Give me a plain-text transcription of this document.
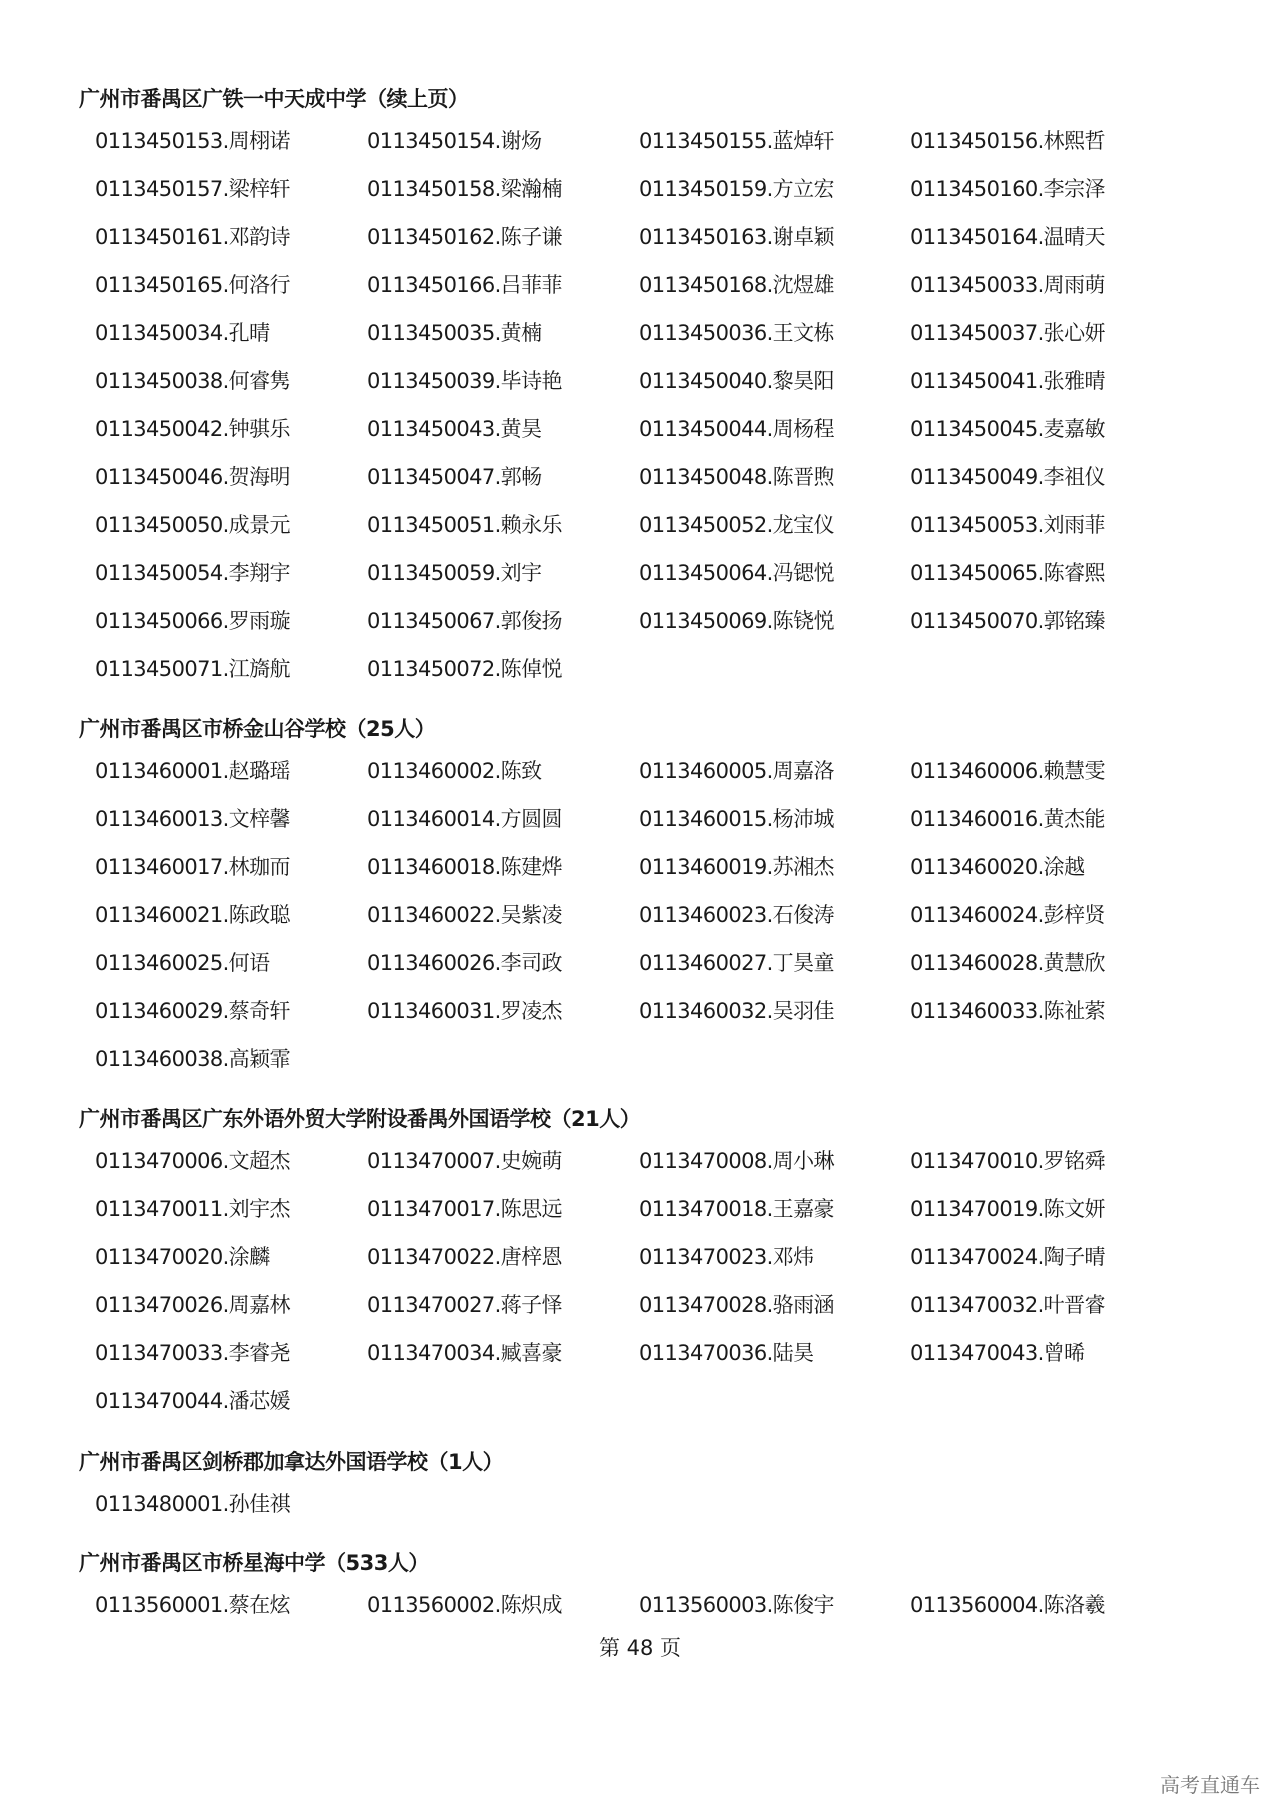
广州市番禺区广铁一中天成中学（续上页）
0113450153.周栩诺	0113450154.谢炀	0113450155.蓝焯轩	0113450156.林熙哲
0113450157.梁梓轩	0113450158.梁瀚楠	0113450159.方立宏	0113450160.李宗泽
0113450161.邓韵诗	0113450162.陈子谦	0113450163.谢卓颖	0113450164.温晴天
0113450165.何洛行	0113450166.吕菲菲	0113450168.沈煜雄	0113450033.周雨萌
0113450034.孔晴	0113450035.黄楠	0113450036.王文栋	0113450037.张心妍
0113450038.何睿隽	0113450039.毕诗艳	0113450040.黎昊阳	0113450041.张雅晴
0113450042.钟骐乐	0113450043.黄昊	0113450044.周杨程	0113450045.麦嘉敏
0113450046.贺海明	0113450047.郭畅	0113450048.陈晋煦	0113450049.李祖仪
0113450050.成景元	0113450051.赖永乐	0113450052.龙宝仪	0113450053.刘雨菲
0113450054.李翔宇	0113450059.刘宇	0113450064.冯锶悦	0113450065.陈睿熙
0113450066.罗雨璇	0113450067.郭俊扬	0113450069.陈铙悦	0113450070.郭铭臻
0113450071.江旖航	0113450072.陈倬悦
广州市番禺区市桥金山谷学校（25人）
0113460001.赵璐瑶	0113460002.陈致	0113460005.周嘉洛	0113460006.赖慧雯
0113460013.文梓馨	0113460014.方圆圆	0113460015.杨沛城	0113460016.黄杰能
0113460017.林珈而	0113460018.陈建烨	0113460019.苏湘杰	0113460020.涂越
0113460021.陈政聪	0113460022.吴紫凌	0113460023.石俊涛	0113460024.彭梓贤
0113460025.何语	0113460026.李司政	0113460027.丁昊童	0113460028.黄慧欣
0113460029.蔡奇轩	0113460031.罗凌杰	0113460032.吴羽佳	0113460033.陈祉萦
0113460038.高颖霏
广州市番禺区广东外语外贸大学附设番禺外国语学校（21人）
0113470006.文超杰	0113470007.史婉萌	0113470008.周小琳	0113470010.罗铭舜
0113470011.刘宇杰	0113470017.陈思远	0113470018.王嘉豪	0113470019.陈文妍
0113470020.涂麟	0113470022.唐梓恩	0113470023.邓炜	0113470024.陶子晴
0113470026.周嘉林	0113470027.蒋子怿	0113470028.骆雨涵	0113470032.叶晋睿
0113470033.李睿尧	0113470034.臧喜豪	0113470036.陆昊	0113470043.曾晞
0113470044.潘芯媛
广州市番禺区剑桥郡加拿达外国语学校（1人）
0113480001.孙佳祺
广州市番禺区市桥星海中学（533人）
0113560001.蔡在炫	0113560002.陈炽成	0113560003.陈俊宇	0113560004.陈洛羲
第 48 页
高考直通车
